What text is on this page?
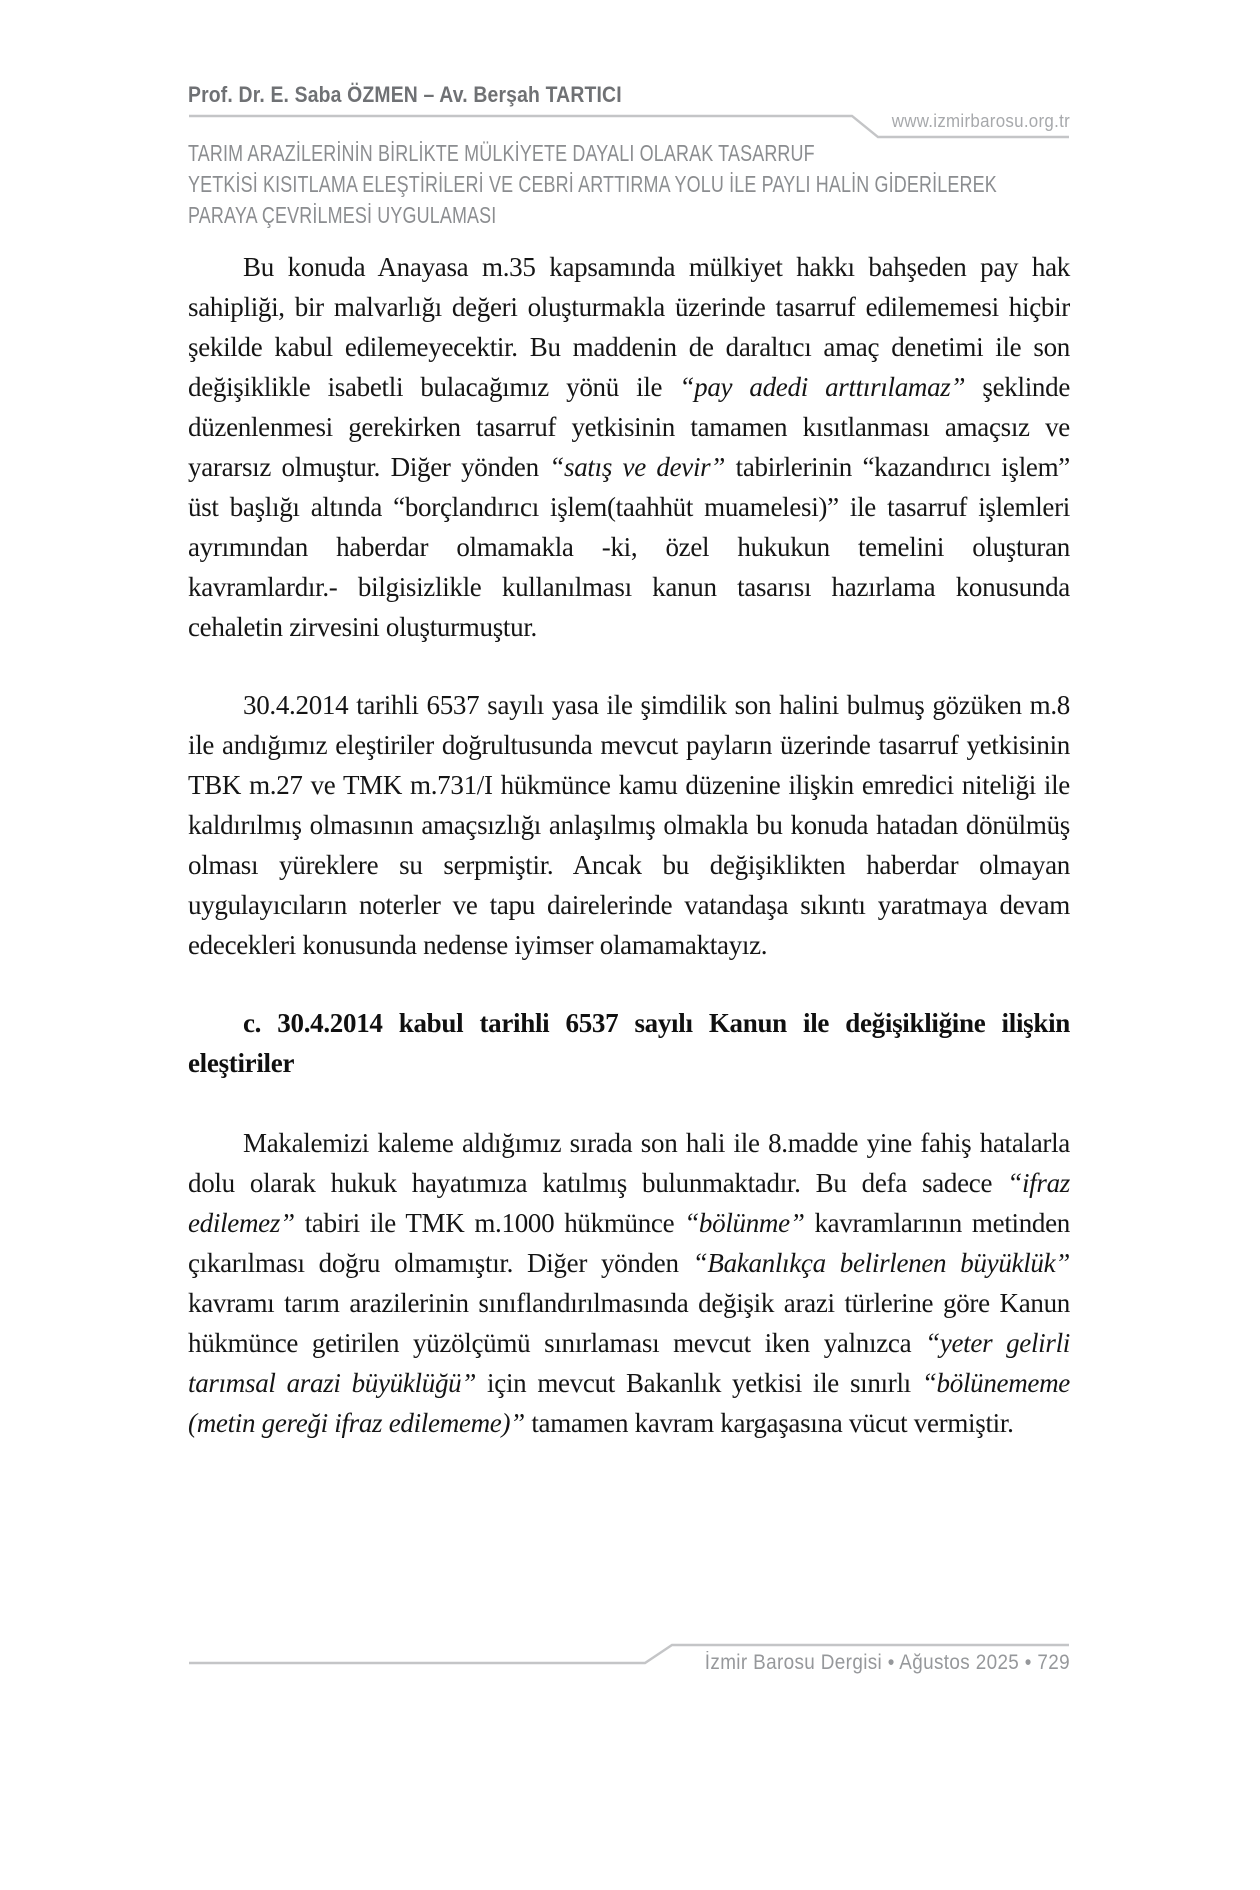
Prof. Dr. E. Saba ÖZMEN – Av. Berşah TARTICI
www.izmirbarosu.org.tr
TARIM ARAZİLERİNİN BİRLİKTE MÜLKİYETE DAYALI OLARAK TASARRUF
YETKİSİ KISITLAMA ELEŞTİRİLERİ VE CEBRİ ARTTIRMA YOLU İLE PAYLI HALİN GİDERİLEREK
PARAYA ÇEVRİLMESİ UYGULAMASI

Bu konuda Anayasa m.35 kapsamında mülkiyet hakkı bahşeden pay hak sahipliği, bir malvarlığı değeri oluşturmakla üzerinde tasarruf edilememesi hiçbir şekilde kabul edilemeyecektir. Bu maddenin de daraltıcı amaç denetimi ile son değişiklikle isabetli bulacağımız yönü ile “pay adedi arttırılamaz” şeklinde düzenlenmesi gerekirken tasarruf yetkisinin tamamen kısıtlanması amaçsız ve yararsız olmuştur. Diğer yönden “satış ve devir” tabirlerinin “kazandırıcı işlem” üst başlığı altında “borçlandırıcı işlem(taahhüt muamelesi)” ile tasarruf işlemleri ayrımından haberdar olmamakla -ki, özel hukukun temelini oluşturan kavramlardır.- bilgisizlikle kullanılması kanun tasarısı hazırlama konusunda cehaletin zirvesini oluşturmuştur.

30.4.2014 tarihli 6537 sayılı yasa ile şimdilik son halini bulmuş gözüken m.8 ile andığımız eleştiriler doğrultusunda mevcut payların üzerinde tasarruf yetkisinin TBK m.27 ve TMK m.731/I hükmünce kamu düzenine ilişkin emredici niteliği ile kaldırılmış olmasının amaçsızlığı anlaşılmış olmakla bu konuda hatadan dönülmüş olması yüreklere su serpmiştir. Ancak bu değişiklikten haberdar olmayan uygulayıcıların noterler ve tapu dairelerinde vatandaşa sıkıntı yaratmaya devam edecekleri konusunda nedense iyimser olamamaktayız.

c. 30.4.2014 kabul tarihli 6537 sayılı Kanun ile değişikliğine ilişkin eleştiriler

Makalemizi kaleme aldığımız sırada son hali ile 8.madde yine fahiş hatalarla dolu olarak hukuk hayatımıza katılmış bulunmaktadır. Bu defa sadece “ifraz edilemez” tabiri ile TMK m.1000 hükmünce “bölünme” kavramlarının metinden çıkarılması doğru olmamıştır. Diğer yönden “Bakanlıkça belirlenen büyüklük” kavramı tarım arazilerinin sınıflandırılmasında değişik arazi türlerine göre Kanun hükmünce getirilen yüzölçümü sınırlaması mevcut iken yalnızca “yeter gelirli tarımsal arazi büyüklüğü” için mevcut Bakanlık yetkisi ile sınırlı “bölünememe (metin gereği ifraz edilememe)” tamamen kavram kargaşasına vücut vermiştir.

İzmir Barosu Dergisi • Ağustos 2025 • 729
